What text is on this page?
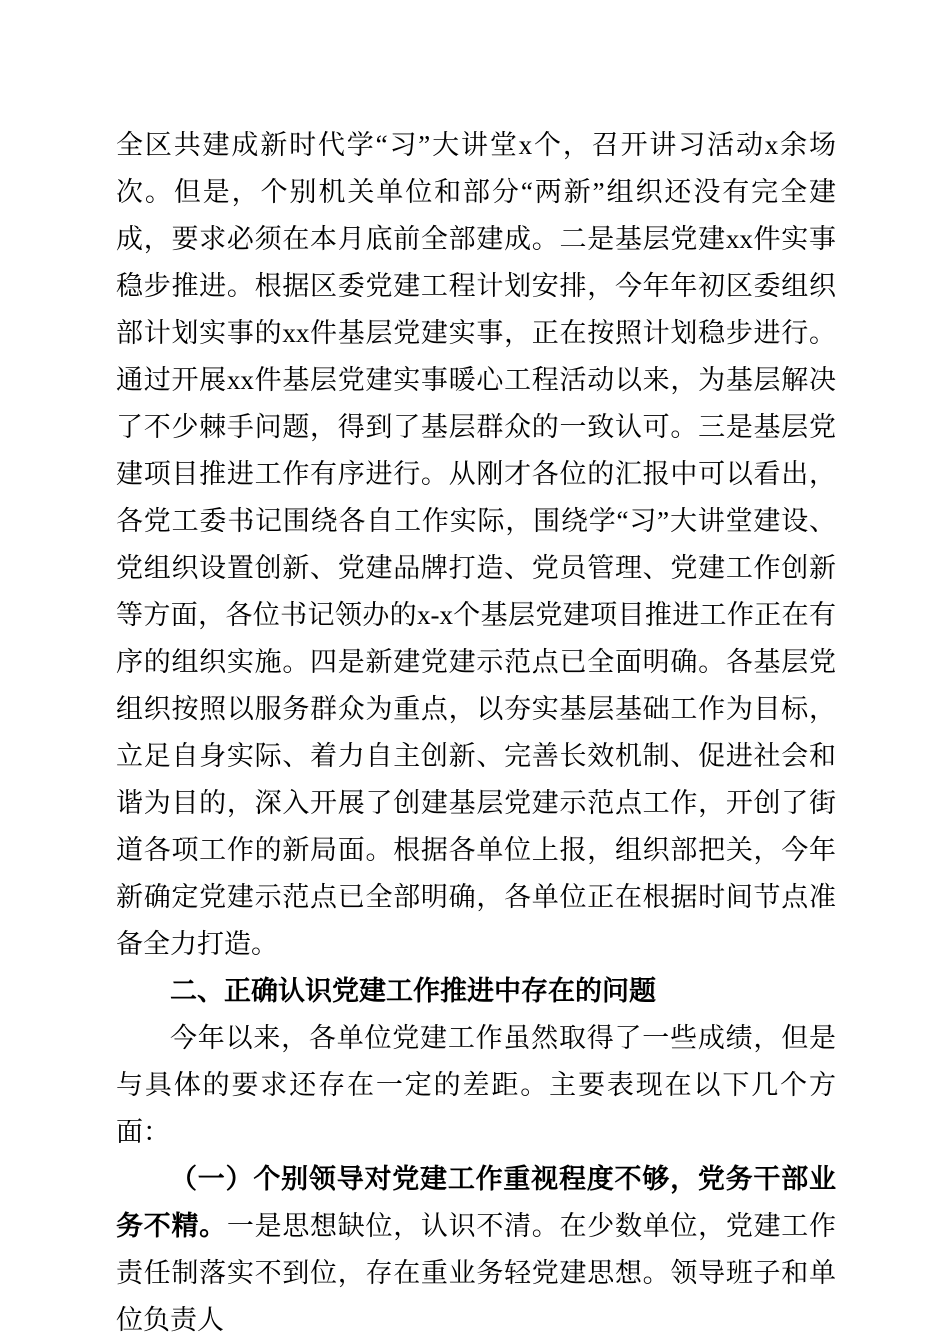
全区共建成新时代学“习”大讲堂x个，召开讲习活动x余场次。但是，个别机关单位和部分“两新”组织还没有完全建成，要求必须在本月底前全部建成。二是基层党建xx件实事稳步推进。根据区委党建工程计划安排，今年年初区委组织部计划实事的xx件基层党建实事，正在按照计划稳步进行。通过开展xx件基层党建实事暖心工程活动以来，为基层解决了不少棘手问题，得到了基层群众的一致认可。三是基层党建项目推进工作有序进行。从刚才各位的汇报中可以看出，各党工委书记围绕各自工作实际，围绕学“习”大讲堂建设、党组织设置创新、党建品牌打造、党员管理、党建工作创新等方面，各位书记领办的x-x个基层党建项目推进工作正在有序的组织实施。四是新建党建示范点已全面明确。各基层党组织按照以服务群众为重点，以夯实基层基础工作为目标，立足自身实际、着力自主创新、完善长效机制、促进社会和谐为目的，深入开展了创建基层党建示范点工作，开创了街道各项工作的新局面。根据各单位上报，组织部把关，今年新确定党建示范点已全部明确，各单位正在根据时间节点准备全力打造。

二、正确认识党建工作推进中存在的问题

今年以来，各单位党建工作虽然取得了一些成绩，但是与具体的要求还存在一定的差距。主要表现在以下几个方面：

（一）个别领导对党建工作重视程度不够，党务干部业务不精。一是思想缺位，认识不清。在少数单位，党建工作责任制落实不到位，存在重业务轻党建思想。领导班子和单位负责人
